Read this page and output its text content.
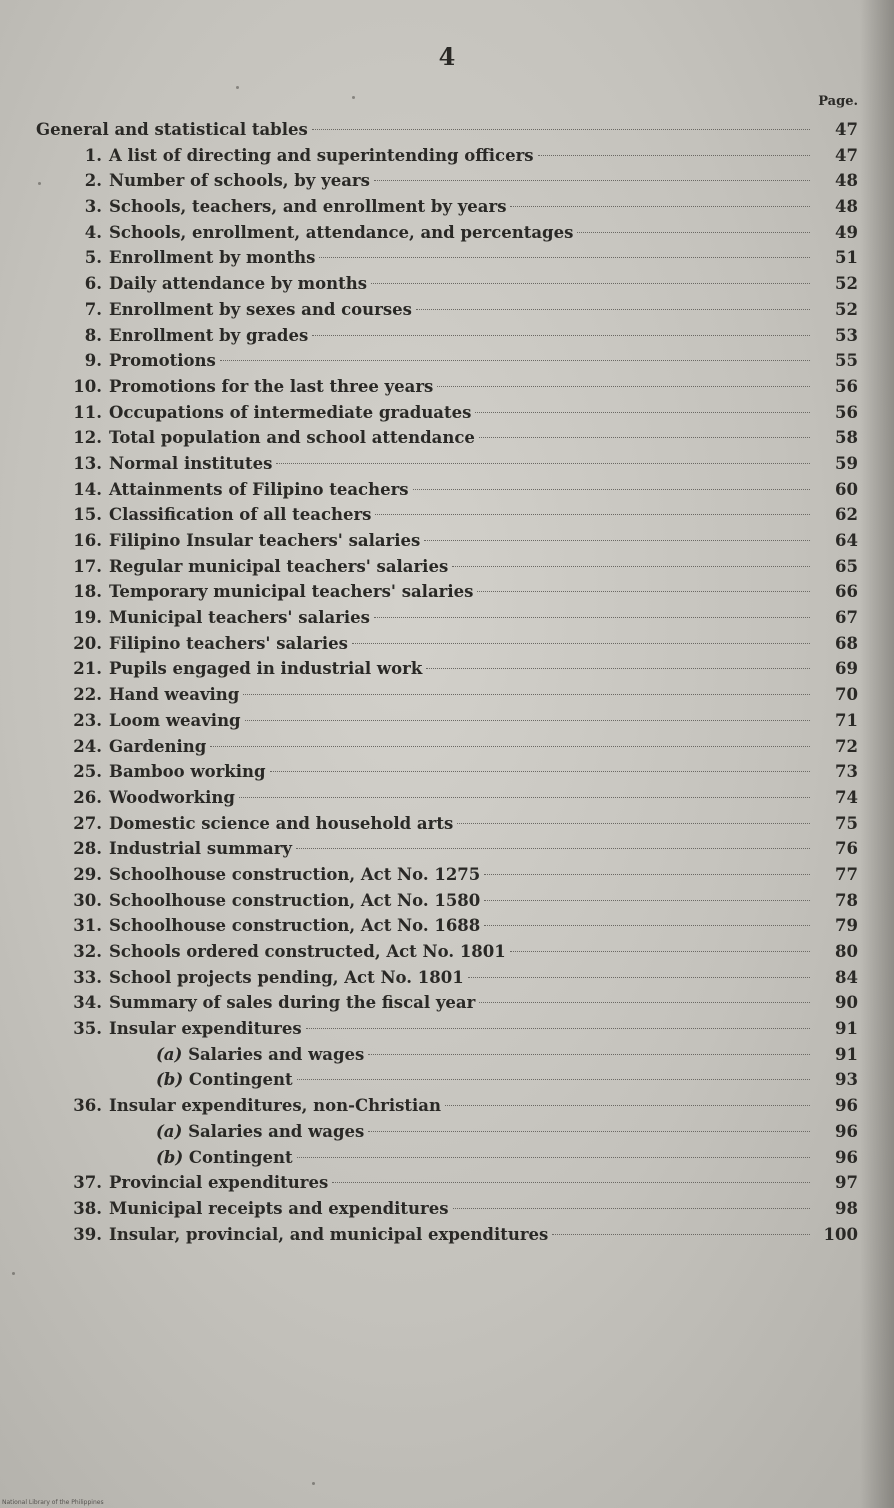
4
Page.
General and statistical tables	47
1. A list of directing and superintending officers	47
2. Number of schools, by years	48
3. Schools, teachers, and enrollment by years	48
4. Schools, enrollment, attendance, and percentages	49
5. Enrollment by months	51
6. Daily attendance by months	52
7. Enrollment by sexes and courses	52
8. Enrollment by grades	53
9. Promotions	55
10. Promotions for the last three years	56
11. Occupations of intermediate graduates	56
12. Total population and school attendance	58
13. Normal institutes	59
14. Attainments of Filipino teachers	60
15. Classification of all teachers	62
16. Filipino Insular teachers' salaries	64
17. Regular municipal teachers' salaries	65
18. Temporary municipal teachers' salaries	66
19. Municipal teachers' salaries	67
20. Filipino teachers' salaries	68
21. Pupils engaged in industrial work	69
22. Hand weaving	70
23. Loom weaving	71
24. Gardening	72
25. Bamboo working	73
26. Woodworking	74
27. Domestic science and household arts	75
28. Industrial summary	76
29. Schoolhouse construction, Act No. 1275	77
30. Schoolhouse construction, Act No. 1580	78
31. Schoolhouse construction, Act No. 1688	79
32. Schools ordered constructed, Act No. 1801	80
33. School projects pending, Act No. 1801	84
34. Summary of sales during the fiscal year	90
35. Insular expenditures	91
(a) Salaries and wages	91
(b) Contingent	93
36. Insular expenditures, non-Christian	96
(a) Salaries and wages	96
(b) Contingent	96
37. Provincial expenditures	97
38. Municipal receipts and expenditures	98
39. Insular, provincial, and municipal expenditures	100
National Library of the Philippines
